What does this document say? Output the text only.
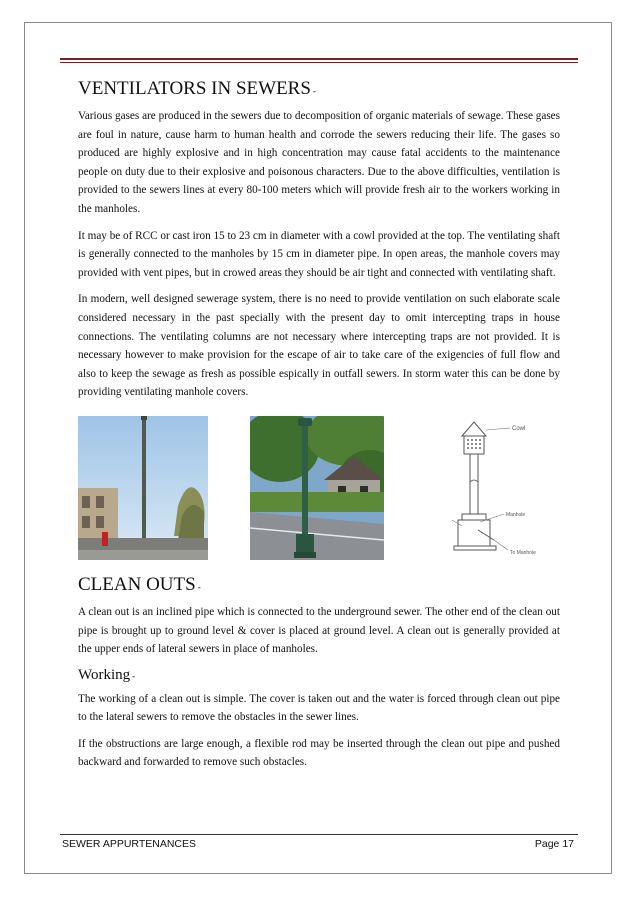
VENTILATORS IN SEWERS -

Various gases are produced in the sewers due to decomposition of organic materials of sewage. These gases are foul in nature, cause harm to human health and corrode the sewers reducing their life. The gases so produced are highly explosive and in high concentration may cause fatal accidents to the maintenance people on duty due to their explosive and poisonous characters. Due to the above difficulties, ventilation is provided to the sewers lines at every 80-100 meters which will provide fresh air to the workers working in the manholes.

It may be of RCC or cast iron 15 to 23 cm in diameter with a cowl provided at the top. The ventilating shaft is generally connected to the manholes by 15 cm in diameter pipe. In open areas, the manhole covers may provided with vent pipes, but in crowed areas they should be air tight and connected with ventilating shaft.

In modern, well designed sewerage system, there is no need to provide ventilation on such elaborate scale considered necessary in the past specially with the present day to omit intercepting traps in house connections. The ventilating columns are not necessary where intercepting traps are not provided. It is necessary however to make provision for the escape of air to take care of the exigencies of full flow and also to keep the sewage as fresh as possible espically in outfall sewers. In storm water this can be done by providing ventilating manhole covers.

Cowl
Manhole
To Manhole
CLEAN OUTS -

A clean out is an inclined pipe which is connected to the underground sewer. The other end of the clean out pipe is brought up to ground level & cover is placed at ground level. A clean out is generally provided at the upper ends of lateral sewers in place of manholes.

Working -

The working of a clean out is simple. The cover is taken out and the water is forced through clean out pipe to the lateral sewers to remove the obstacles in the sewer lines.

If the obstructions are large enough, a flexible rod may be inserted through the clean out pipe and pushed backward and forwarded to remove such obstacles.

SEWER APPURTENANCES	Page 17
